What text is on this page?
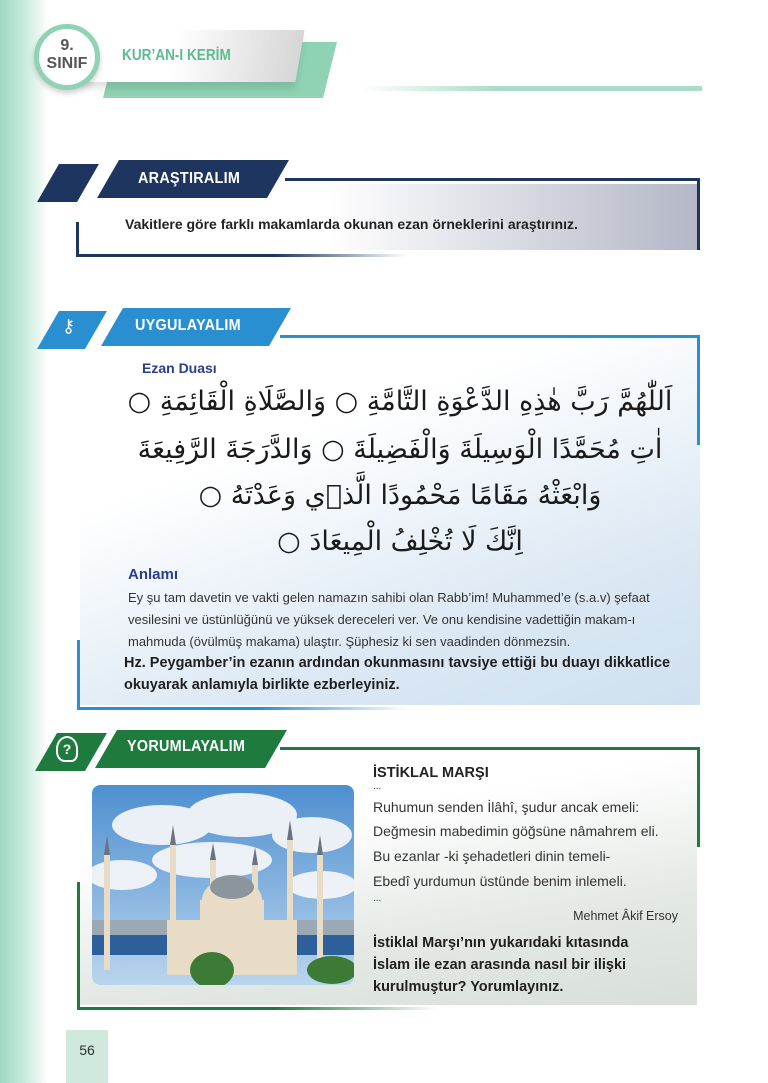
9.
SINIF	KUR’AN-I KERİM
ARAŞTIRALIM
Vakitlere göre farklı makamlarda okunan ezan örneklerini araştırınız.
⚷	UYGULAYALIM
Ezan Duası
اَللّٰهُمَّ رَبَّ هٰذِهِ الدَّعْوَةِ التَّامَّةِ ○ وَالصَّلَاةِ الْقَائِمَةِ ○
اٰتِ مُحَمَّدًا الْوَسِيلَةَ وَالْفَضِيلَةَ ○ وَالدَّرَجَةَ الرَّفِيعَةَ
وَابْعَثْهُ مَقَامًا مَحْمُودًا الَّذ۪ي وَعَدْتَهُ ○
اِنَّكَ لَا تُخْلِفُ الْمِيعَادَ ○
Anlamı
Ey şu tam davetin ve vakti gelen namazın sahibi olan Rabb’im! Muhammed’e (s.a.v) şefaat
vesilesini ve üstünlüğünü ve yüksek dereceleri ver. Ve onu kendisine vadettiğin makam-ı
mahmuda (övülmüş makama) ulaştır. Şüphesiz ki sen vaadinden dönmezsin.
Hz. Peygamber’in ezanın ardından okunmasını tavsiye ettiği bu duayı dikkatlice
okuyarak anlamıyla birlikte ezberleyiniz.
?	YORUMLAYALIM
İSTİKLAL MARŞI
...
Ruhumun senden İlâhî, şudur ancak emeli:
Değmesin mabedimin göğsüne nâmahrem eli.
Bu ezanlar -ki şehadetleri dinin temeli-
Ebedî yurdumun üstünde benim inlemeli.
...
Mehmet Âkif Ersoy
İstiklal Marşı’nın yukarıdaki kıtasında
İslam ile ezan arasında nasıl bir ilişki
kurulmuştur? Yorumlayınız.
56
